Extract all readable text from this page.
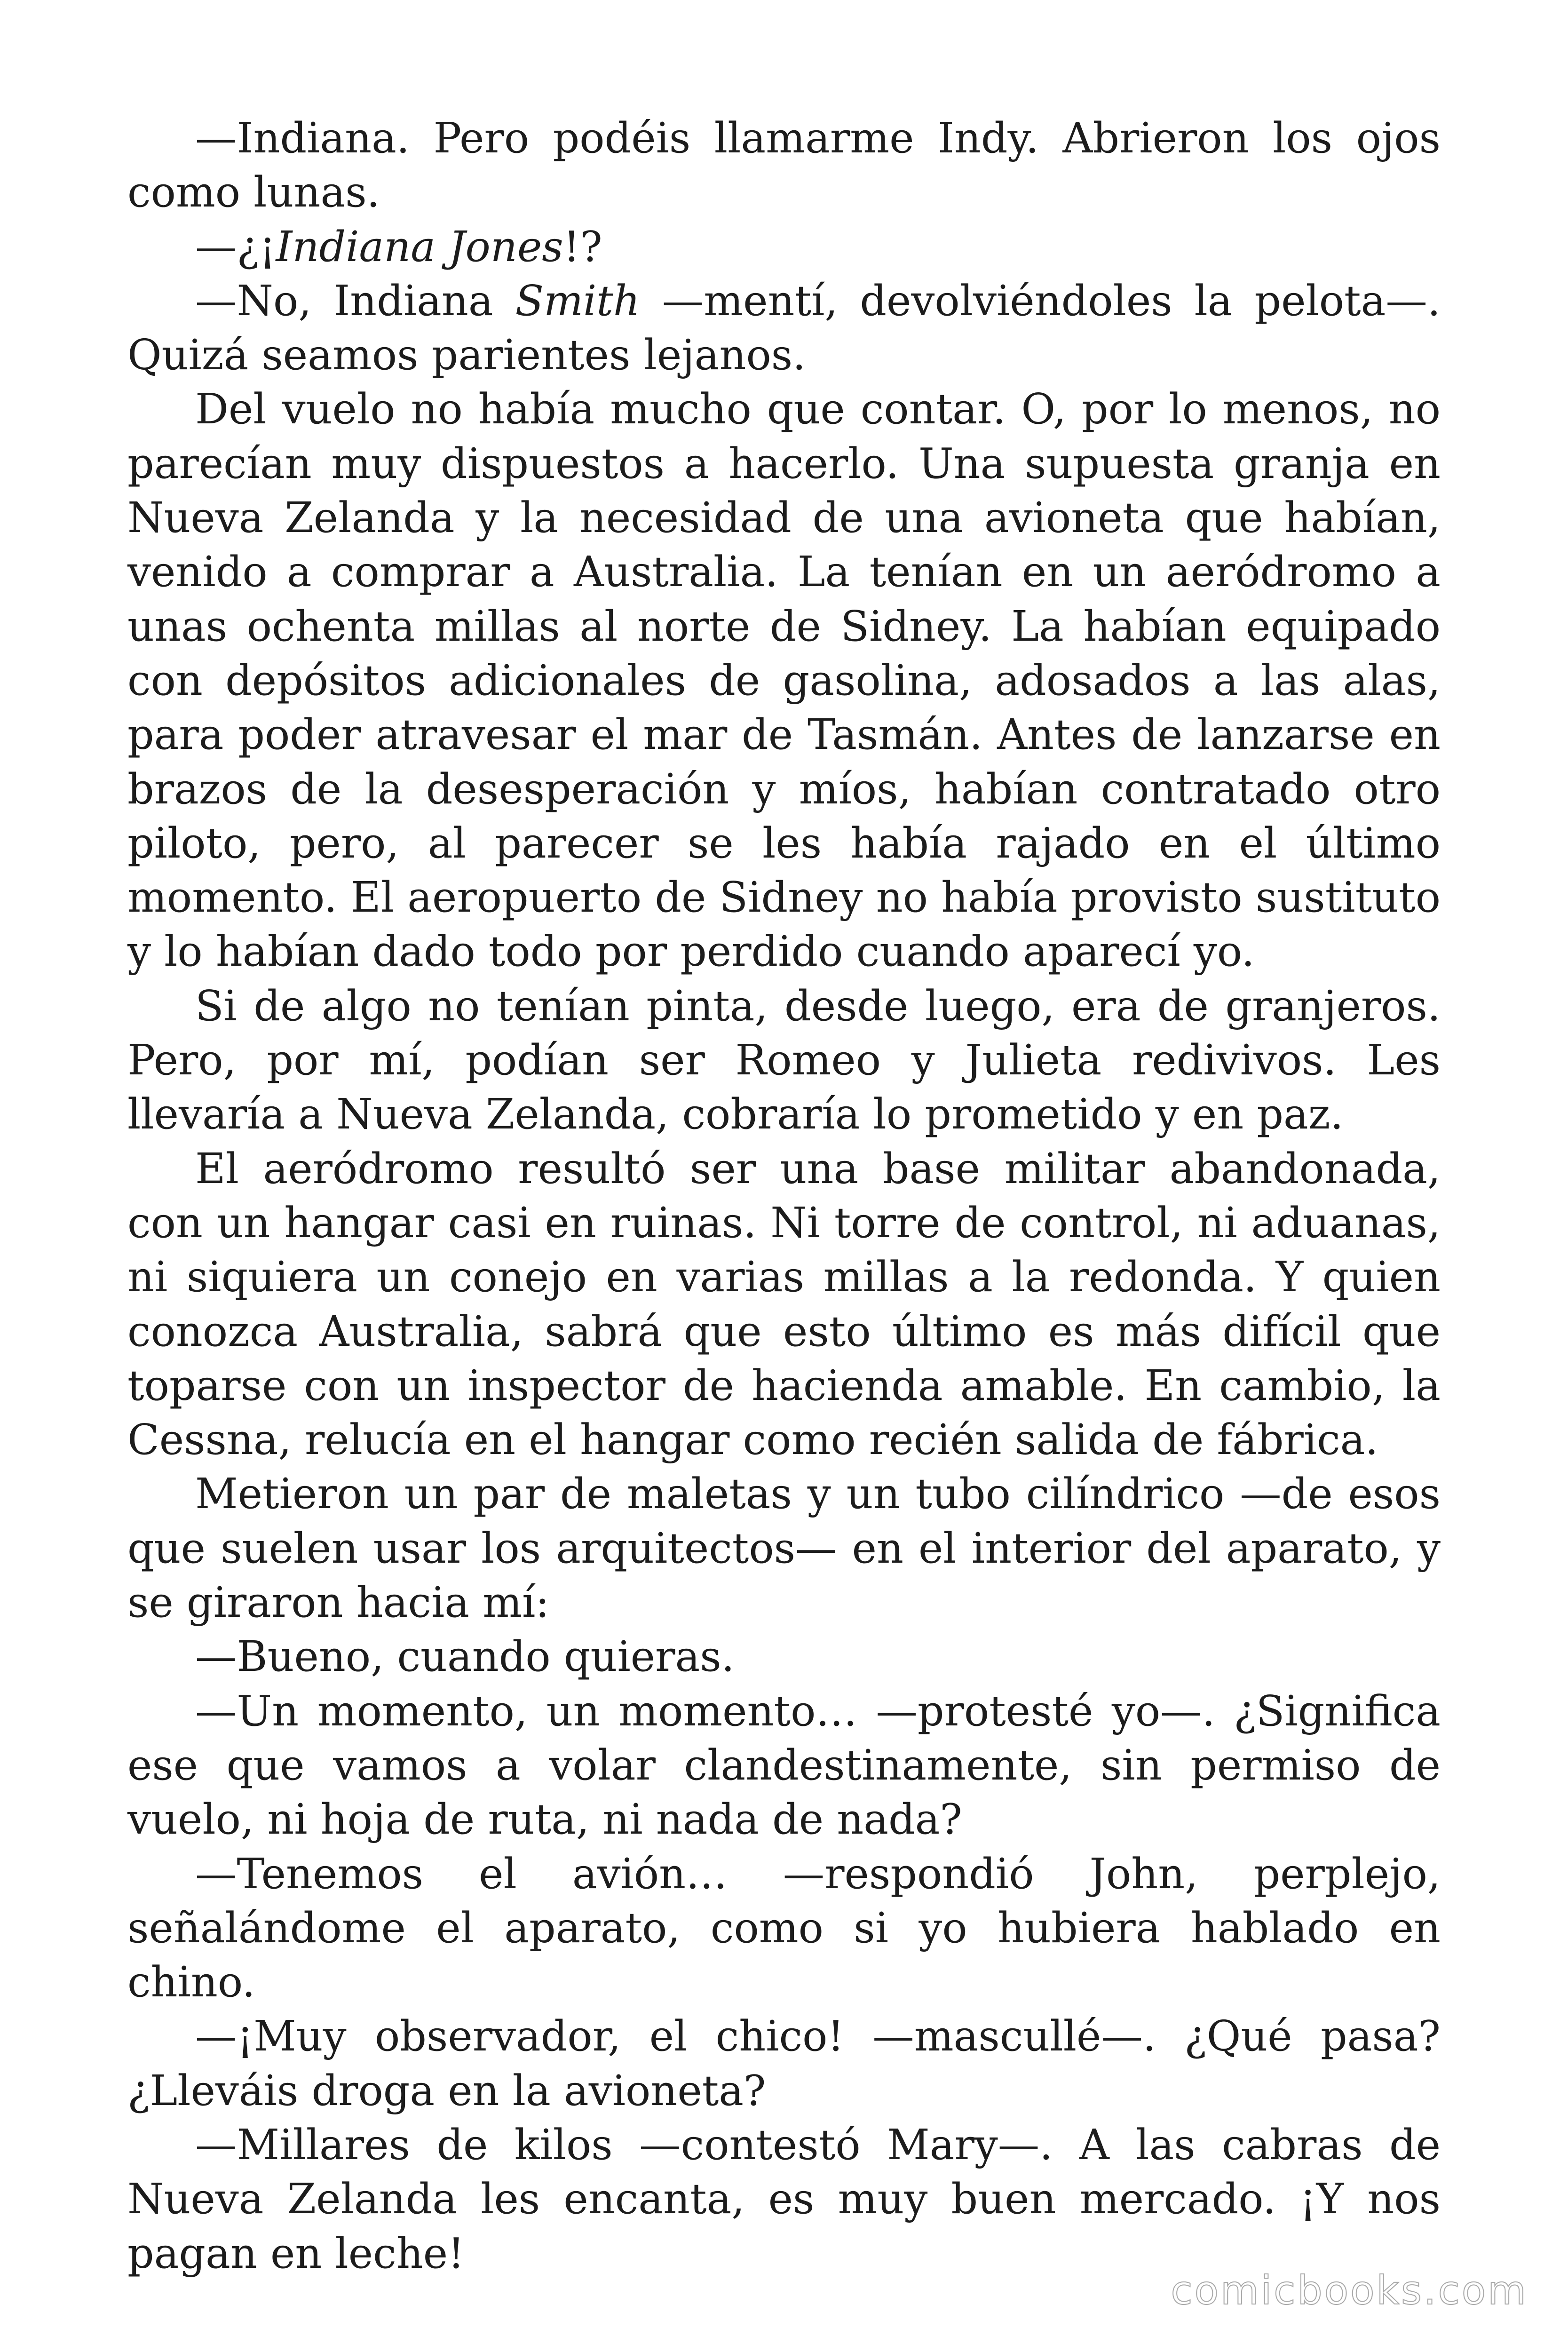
—Indiana. Pero podéis llamarme Indy. Abrieron los ojos como lunas.

—¿¡Indiana Jones!?

—No, Indiana Smith —mentí, devolviéndoles la pelota—. Quizá seamos parientes lejanos.

Del vuelo no había mucho que contar. O, por lo menos, no parecían muy dispuestos a hacerlo. Una supuesta granja en Nueva Zelanda y la necesidad de una avioneta que habían, venido a comprar a Australia. La tenían en un aeródromo a unas ochenta millas al norte de Sidney. La habían equipado con depósitos adicionales de gasolina, adosados a las alas, para poder atravesar el mar de Tasmán. Antes de lanzarse en brazos de la desesperación y míos, habían contratado otro piloto, pero, al parecer se les había rajado en el último momento. El aeropuerto de Sidney no había provisto sustituto y lo habían dado todo por perdido cuando aparecí yo.

Si de algo no tenían pinta, desde luego, era de granjeros. Pero, por mí, podían ser Romeo y Julieta redivivos. Les llevaría a Nueva Zelanda, cobraría lo prometido y en paz.

El aeródromo resultó ser una base militar abandonada, con un hangar casi en ruinas. Ni torre de control, ni aduanas, ni siquiera un conejo en varias millas a la redonda. Y quien conozca Australia, sabrá que esto último es más difícil que toparse con un inspector de hacienda amable. En cambio, la Cessna, relucía en el hangar como recién salida de fábrica.

Metieron un par de maletas y un tubo cilíndrico —de esos que suelen usar los arquitectos— en el interior del aparato, y se giraron hacia mí:

—Bueno, cuando quieras.

—Un momento, un momento… —protesté yo—. ¿Significa ese que vamos a volar clandestinamente, sin permiso de vuelo, ni hoja de ruta, ni nada de nada?

—Tenemos el avión… —respondió John, perplejo, señalándome el aparato, como si yo hubiera hablado en chino.

—¡Muy observador, el chico! —mascullé—. ¿Qué pasa? ¿Lleváis droga en la avioneta?

—Millares de kilos —contestó Mary—. A las cabras de Nueva Zelanda les encanta, es muy buen mercado. ¡Y nos pagan en leche!

comicbooks.com
